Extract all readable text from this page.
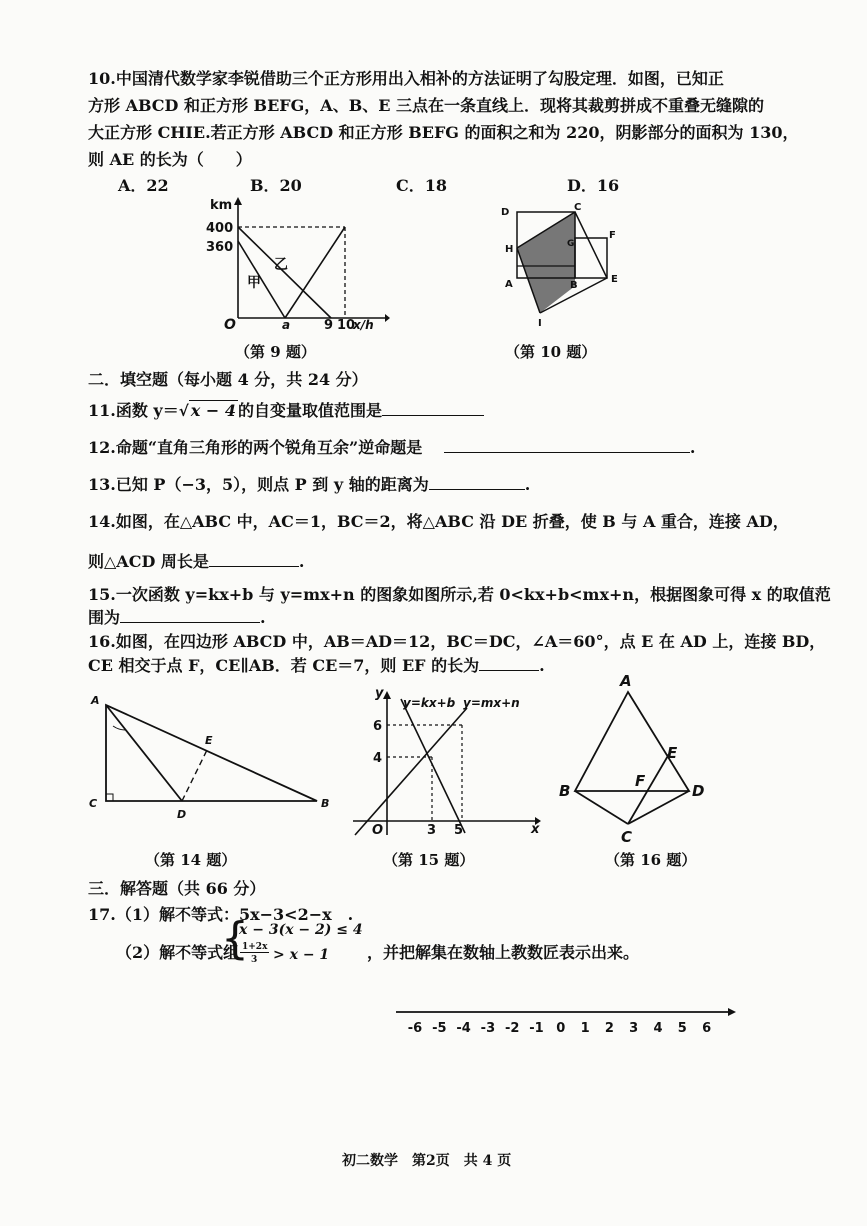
10.中国清代数学家李锐借助三个正方形用出入相补的方法证明了勾股定理．如图，已知正
方形 ABCD 和正方形 BEFG，A、B、E 三点在一条直线上．现将其裁剪拼成不重叠无缝隙的
大正方形 CHIE.若正方形 ABCD 和正方形 BEFG 的面积之和为 220，阴影部分的面积为 130，
则 AE 的长为（　　）
A．22	B．20	C．18	D．16
km
400
360
O	a	9 10
x/h
乙
甲
（第 9 题）
D	C
H	G
F
A	B
E
I
（第 10 题）
二．填空题（每小题 4 分，共 24 分）
11.函数 y＝√ x − 4 的自变量取值范围是
12.命题“直角三角形的两个锐角互余”逆命题是	.
13.已知 P（−3，5），则点 P 到 y 轴的距离为	.
14.如图，在△ABC 中，AC＝1，BC＝2，将△ABC 沿 DE 折叠，使 B 与 A 重合，连接 AD，
则△ACD 周长是	.
15.一次函数 y=kx+b 与 y=mx+n 的图象如图所示,若 0<kx+b<mx+n，根据图象可得 x 的取值范
围为	.
16.如图，在四边形 ABCD 中，AB＝AD＝12，BC＝DC，∠A＝60°，点 E 在 AD 上，连接 BD，
CE 相交于点 F，CE∥AB．若 CE＝7，则 EF 的长为	.
A
C
D
B
E
（第 14 题）
y
x
O
y=kx+b y=mx+n
6
4
3 5
（第 15 题）
A
E
B
F
D
C
（第 16 题）
三．解答题（共 66 分）
17.（1）解不等式：5x−3<2−x　.
（2）解不等式组
{
x − 3(x − 2) ≤ 4
1+2x
3 > x − 1 ，并把解集在数轴上教数匠表示出来。
-6 -5 -4 -3 -2 -1 0 1 2 3 4 5 6
初二数学　第2页　共 4 页
